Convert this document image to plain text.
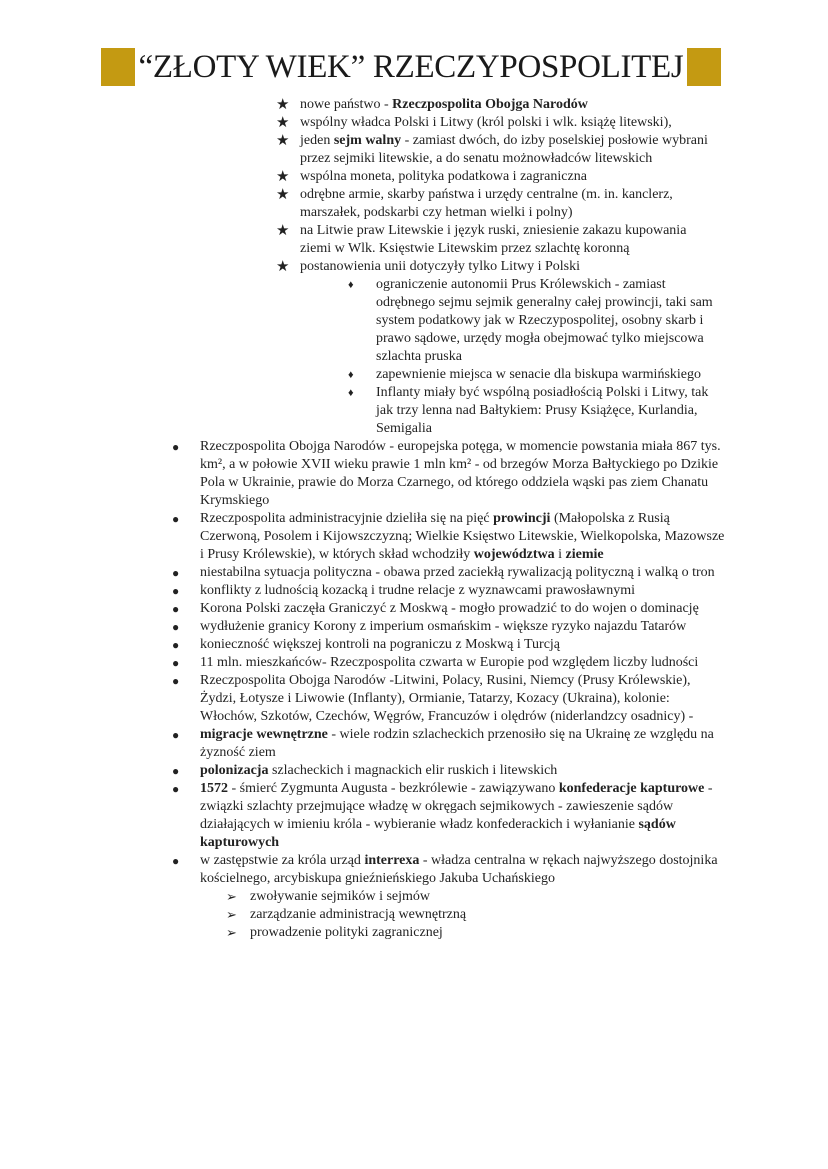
“ZŁOTY WIEK” RZECZYPOSPOLITEJ
★ nowe państwo - Rzeczpospolita Obojga Narodów
★ wspólny władca Polski i Litwy (król polski i wlk. książę litewski),
★ jeden sejm walny - zamiast dwóch, do izby poselskiej posłowie wybrani przez sejmiki litewskie, a do senatu możnowładców litewskich
★ wspólna moneta, polityka podatkowa i zagraniczna
★ odrębne armie, skarby państwa i urzędy centralne (m. in. kanclerz, marszałek, podskarbi czy hetman wielki i polny)
★ na Litwie praw Litewskie i język ruski, zniesienie zakazu kupowania ziemi w Wlk. Księstwie Litewskim przez szlachtę koronną
★ postanowienia unii dotyczyły tylko Litwy i Polski
♦ ograniczenie autonomii Prus Królewskich - zamiast odrębnego sejmu sejmik generalny całej prowincji, taki sam system podatkowy jak w Rzeczypospolitej, osobny skarb i prawo sądowe, urzędy mogła obejmować tylko miejscowa szlachta pruska
♦ zapewnienie miejsca w senacie dla biskupa warmińskiego
♦ Inflanty miały być wspólną posiadłością Polski i Litwy, tak jak trzy lenna nad Bałtykiem: Prusy Książęce, Kurlandia, Semigalia
● Rzeczpospolita Obojga Narodów - europejska potęga, w momencie powstania miała 867 tys. km², a w połowie XVII wieku prawie 1 mln km² - od brzegów Morza Bałtyckiego po Dzikie Pola w Ukrainie, prawie do Morza Czarnego, od którego oddziela wąski pas ziem Chanatu Krymskiego
● Rzeczpospolita administracyjnie dzieliła się na pięć prowincji (Małopolska z Rusią Czerwoną, Posolem i Kijowszczyzną; Wielkie Księstwo Litewskie, Wielkopolska, Mazowsze i Prusy Królewskie), w których skład wchodziły województwa i ziemie
● niestabilna sytuacja polityczna - obawa przed zaciekłą rywalizacją polityczną i walką o tron
● konflikty z ludnością kozacką i trudne relacje z wyznawcami prawosławnymi
● Korona Polski zaczęła Graniczyć z Moskwą - mogło prowadzić to do wojen o dominację
● wydłużenie granicy Korony z imperium osmańskim - większe ryzyko najazdu Tatarów
● konieczność większej kontroli na pograniczu z Moskwą i Turcją
● 11 mln. mieszkańców- Rzeczpospolita czwarta w Europie pod względem liczby ludności
● Rzeczpospolita Obojga Narodów -Litwini, Polacy, Rusini, Niemcy (Prusy Królewskie), Żydzi, Łotysze i Liwowie (Inflanty), Ormianie, Tatarzy, Kozacy (Ukraina), kolonie: Włochów, Szkotów, Czechów, Węgrów, Francuzów i olędrów (niderlandzcy osadnicy) -
● migracje wewnętrzne - wiele rodzin szlacheckich przenosiło się na Ukrainę ze względu na żyzność ziem
● polonizacja szlacheckich i magnackich elir ruskich i litewskich
● 1572 - śmierć Zygmunta Augusta - bezkrólewie - zawiązywano konfederacje kapturowe - związki szlachty przejmujące władzę w okręgach sejmikowych - zawieszenie sądów działających w imieniu króla - wybieranie władz konfederackich i wyłanianie sądów kapturowych
● w zastępstwie za króla urząd interrexa - władza centralna w rękach najwyższego dostojnika kościelnego, arcybiskupa gnieźnieńskiego Jakuba Uchańskiego
➢ zwoływanie sejmików i sejmów
➢ zarządzanie administracją wewnętrzną
➢ prowadzenie polityki zagranicznej
